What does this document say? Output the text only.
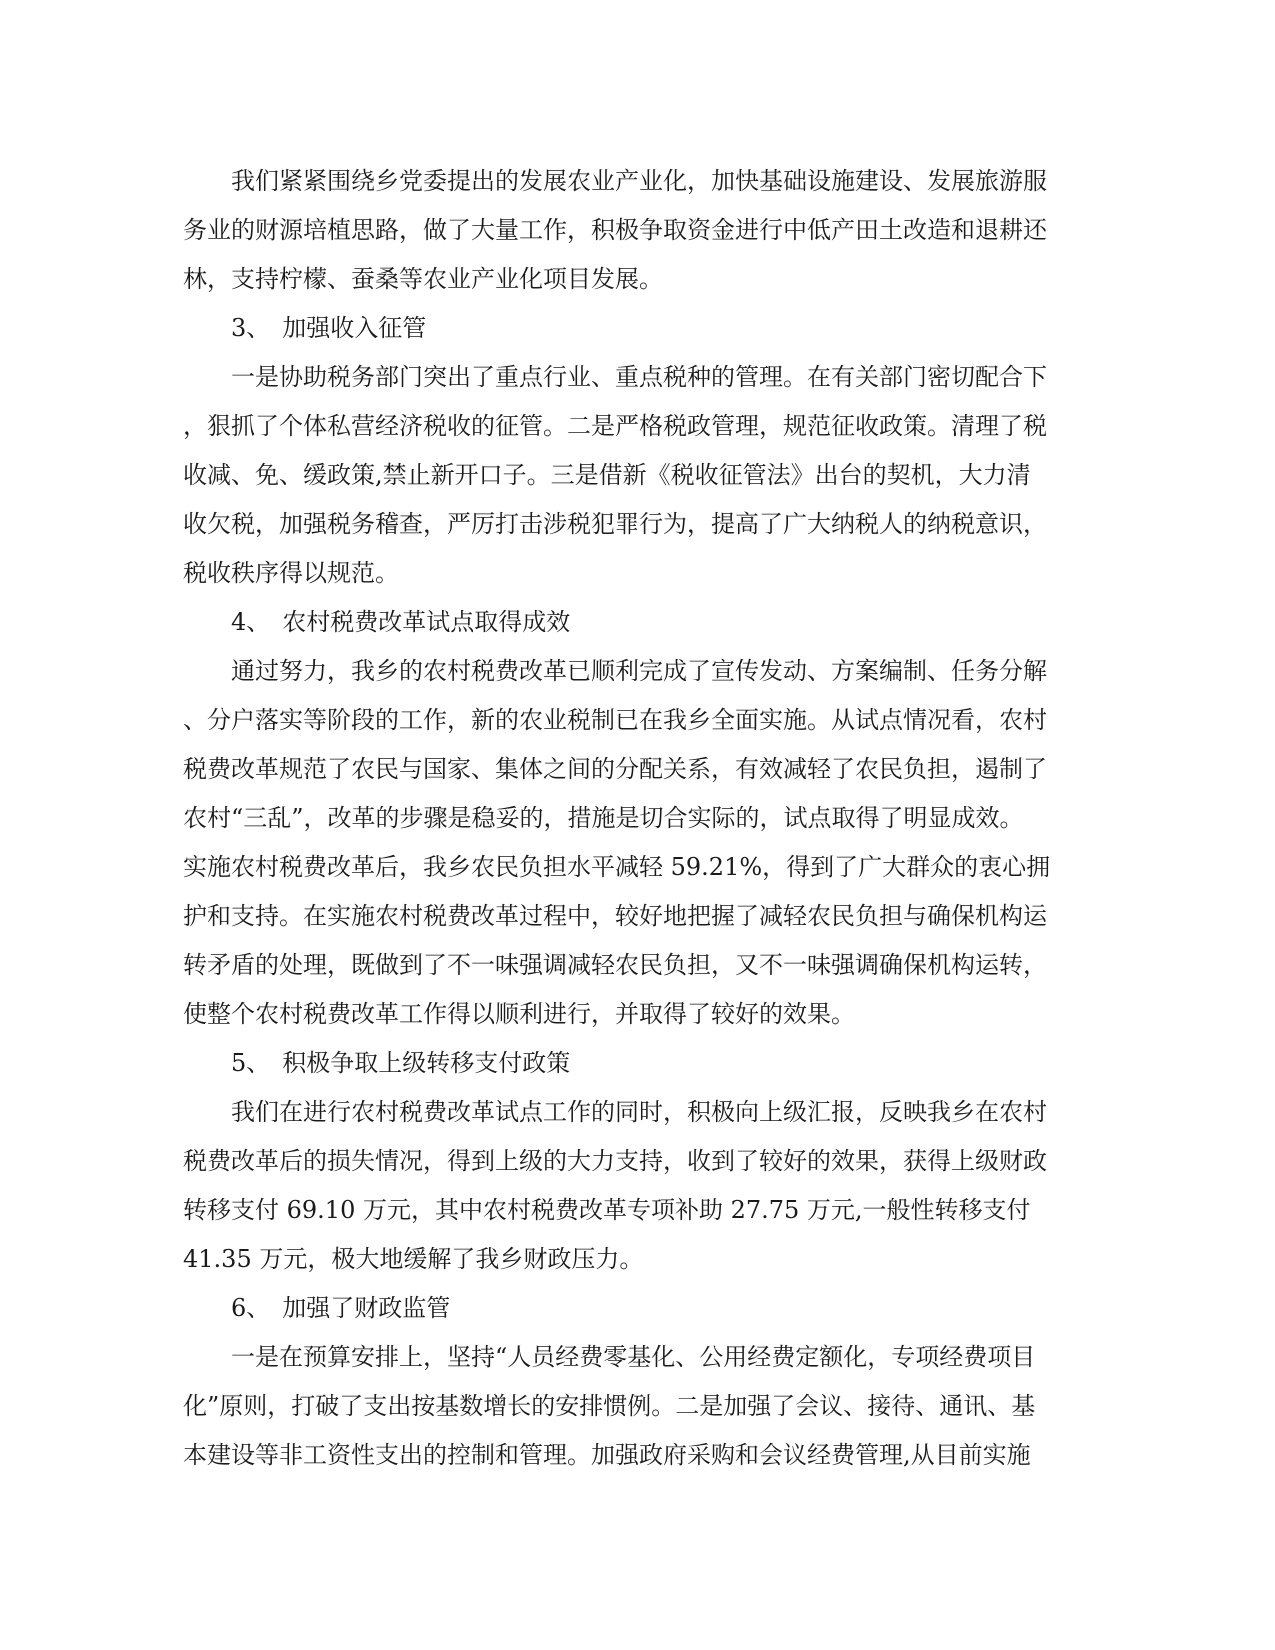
我们紧紧围绕乡党委提出的发展农业产业化，加快基础设施建设、发展旅游服
务业的财源培植思路，做了大量工作，积极争取资金进行中低产田土改造和退耕还
林，支持柠檬、蚕桑等农业产业化项目发展。
3、　加强收入征管
一是协助税务部门突出了重点行业、重点税种的管理。在有关部门密切配合下
，狠抓了个体私营经济税收的征管。二是严格税政管理，规范征收政策。清理了税
收减、免、缓政策,禁止新开口子。三是借新《税收征管法》出台的契机，大力清
收欠税，加强税务稽查，严厉打击涉税犯罪行为，提高了广大纳税人的纳税意识，
税收秩序得以规范。
4、　农村税费改革试点取得成效
通过努力，我乡的农村税费改革已顺利完成了宣传发动、方案编制、任务分解
、分户落实等阶段的工作，新的农业税制已在我乡全面实施。从试点情况看，农村
税费改革规范了农民与国家、集体之间的分配关系，有效减轻了农民负担，遏制了
农村“三乱”，改革的步骤是稳妥的，措施是切合实际的，试点取得了明显成效。
实施农村税费改革后，我乡农民负担水平减轻 59.21%，得到了广大群众的衷心拥
护和支持。在实施农村税费改革过程中，较好地把握了减轻农民负担与确保机构运
转矛盾的处理，既做到了不一味强调减轻农民负担，又不一味强调确保机构运转，
使整个农村税费改革工作得以顺利进行，并取得了较好的效果。
5、　积极争取上级转移支付政策
我们在进行农村税费改革试点工作的同时，积极向上级汇报，反映我乡在农村
税费改革后的损失情况，得到上级的大力支持，收到了较好的效果，获得上级财政
转移支付 69.10 万元，其中农村税费改革专项补助 27.75 万元,一般性转移支付
41.35 万元，极大地缓解了我乡财政压力。
6、　加强了财政监管
一是在预算安排上，坚持“人员经费零基化、公用经费定额化，专项经费项目
化”原则，打破了支出按基数增长的安排惯例。二是加强了会议、接待、通讯、基
本建设等非工资性支出的控制和管理。加强政府采购和会议经费管理,从目前实施
